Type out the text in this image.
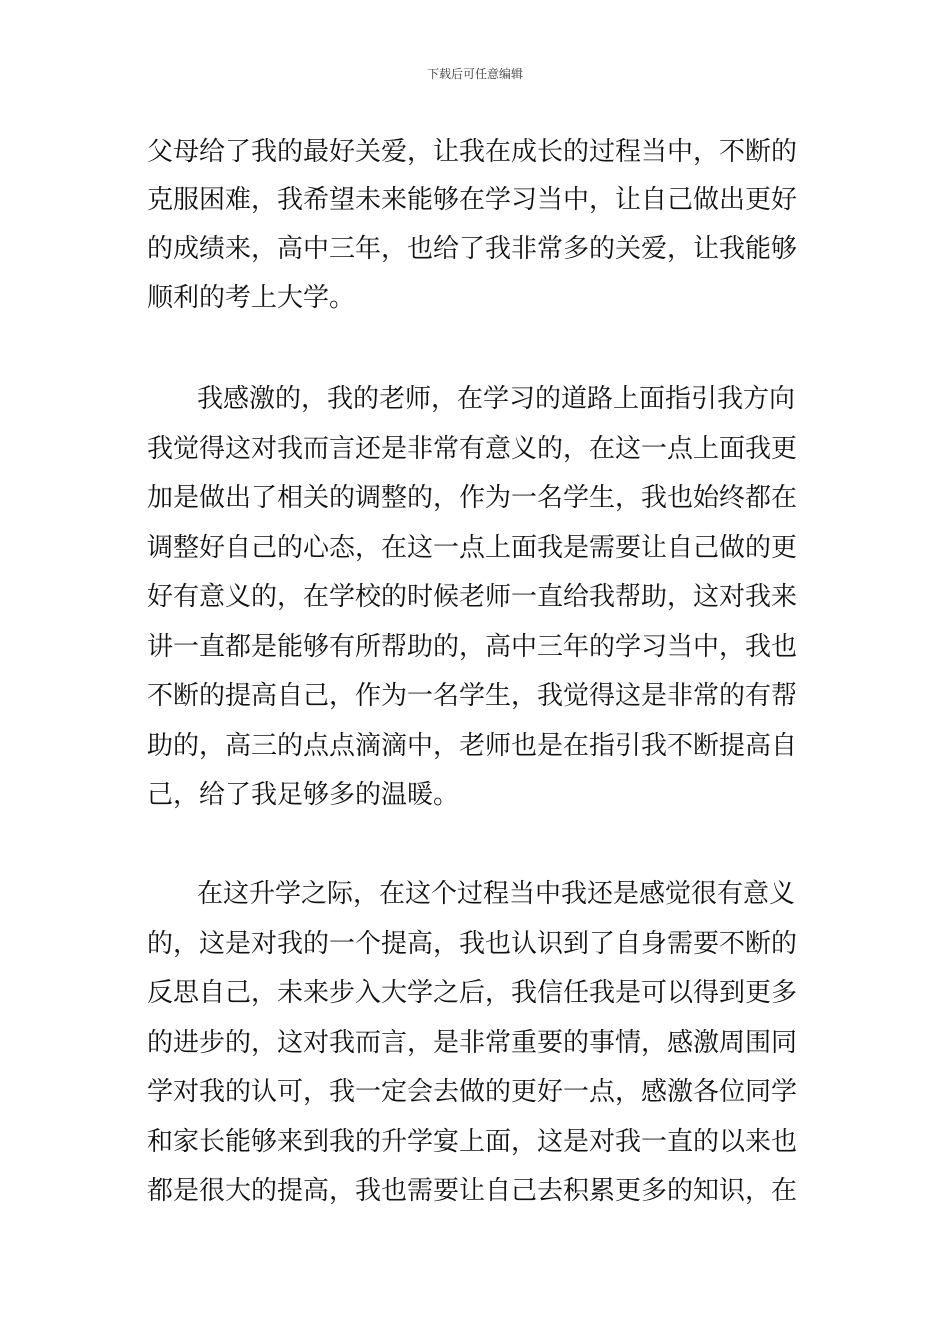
下载后可任意编辑
父母给了我的最好关爱，让我在成长的过程当中，不断的
克服困难，我希望未来能够在学习当中，让自己做出更好
的成绩来，高中三年，也给了我非常多的关爱，让我能够
顺利的考上大学。
我感激的，我的老师，在学习的道路上面指引我方向
我觉得这对我而言还是非常有意义的，在这一点上面我更
加是做出了相关的调整的，作为一名学生，我也始终都在
调整好自己的心态，在这一点上面我是需要让自己做的更
好有意义的，在学校的时候老师一直给我帮助，这对我来
讲一直都是能够有所帮助的，高中三年的学习当中，我也
不断的提高自己，作为一名学生，我觉得这是非常的有帮
助的，高三的点点滴滴中，老师也是在指引我不断提高自
己，给了我足够多的温暖。
在这升学之际，在这个过程当中我还是感觉很有意义
的，这是对我的一个提高，我也认识到了自身需要不断的
反思自己，未来步入大学之后，我信任我是可以得到更多
的进步的，这对我而言，是非常重要的事情，感激周围同
学对我的认可，我一定会去做的更好一点，感激各位同学
和家长能够来到我的升学宴上面，这是对我一直的以来也
都是很大的提高，我也需要让自己去积累更多的知识，在
